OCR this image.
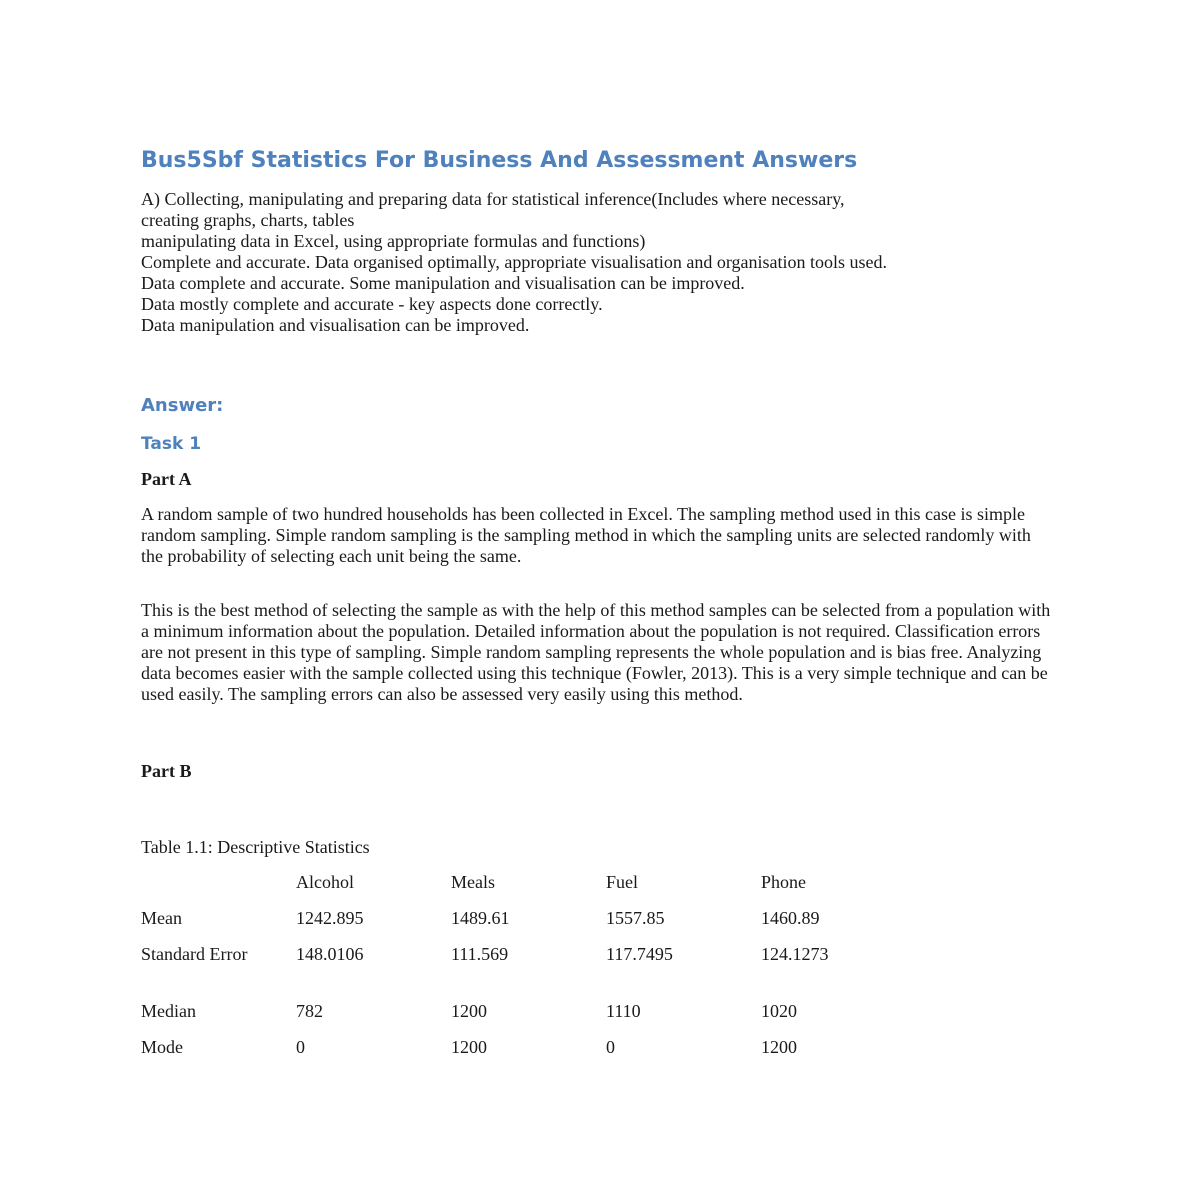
Bus5Sbf Statistics For Business And Assessment Answers
A) Collecting, manipulating and preparing data for statistical inference(Includes where necessary,
creating graphs, charts, tables
manipulating data in Excel, using appropriate formulas and functions)
Complete and accurate. Data organised optimally, appropriate visualisation and organisation tools used.
Data complete and accurate. Some manipulation and visualisation can be improved.
Data mostly complete and accurate - key aspects done correctly.
Data manipulation and visualisation can be improved.
Answer:
Task 1
Part A

A random sample of two hundred households has been collected in Excel. The sampling method used in this case is simple random sampling. Simple random sampling is the sampling method in which the sampling units are selected randomly with the probability of selecting each unit being the same.

This is the best method of selecting the sample as with the help of this method samples can be selected from a population with a minimum information about the population. Detailed information about the population is not required. Classification errors are not present in this type of sampling. Simple random sampling represents the whole population and is bias free. Analyzing data becomes easier with the sample collected using this technique (Fowler, 2013). This is a very simple technique and can be used easily. The sampling errors can also be assessed very easily using this method.

Part B

Table 1.1: Descriptive Statistics

	Alcohol	Meals	Fuel	Phone
Mean	1242.895	1489.61	1557.85	1460.89
Standard Error	148.0106	111.569	117.7495	124.1273
Median	782	1200	1110	1020
Mode	0	1200	0	1200
